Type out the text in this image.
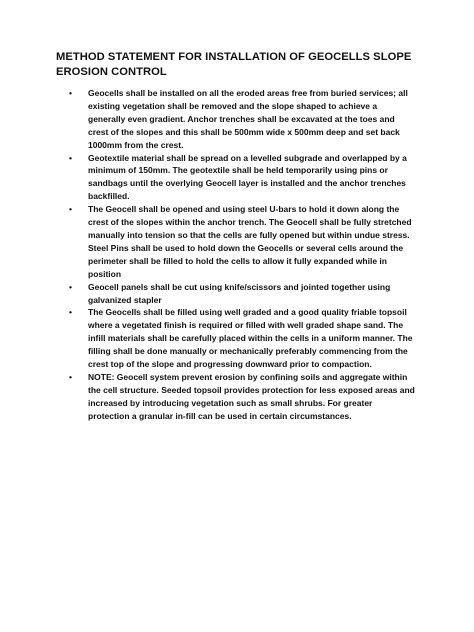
METHOD STATEMENT FOR INSTALLATION OF GEOCELLS SLOPE EROSION CONTROL
• Geocells shall be installed on all the eroded areas free from buried services; all existing vegetation shall be removed and the slope shaped to achieve a generally even gradient. Anchor trenches shall be excavated at the toes and crest of the slopes and this shall be 500mm wide x 500mm deep and set back 1000mm from the crest.
• Geotextile material shall be spread on a levelled subgrade and overlapped by a minimum of 150mm. The geotextile shall be held temporarily using pins or sandbags until the overlying Geocell layer is installed and the anchor trenches backfilled.
• The Geocell shall be opened and using steel U-bars to hold it down along the crest of the slopes within the anchor trench. The Geocell shall be fully stretched manually into tension so that the cells are fully opened but within undue stress. Steel Pins shall be used to hold down the Geocells or several cells around the perimeter shall be filled to hold the cells to allow it fully expanded while in position
• Geocell panels shall be cut using knife/scissors and jointed together using galvanized stapler
• The Geocells shall be filled using well graded and a good quality friable topsoil where a vegetated finish is required or filled with well graded shape sand. The infill materials shall be carefully placed within the cells in a uniform manner. The filling shall be done manually or mechanically preferably commencing from the crest top of the slope and progressing downward prior to compaction.
• NOTE: Geocell system prevent erosion by confining soils and aggregate within the cell structure. Seeded topsoil provides protection for less exposed areas and increased by introducing vegetation such as small shrubs. For greater protection a granular in-fill can be used in certain circumstances.
